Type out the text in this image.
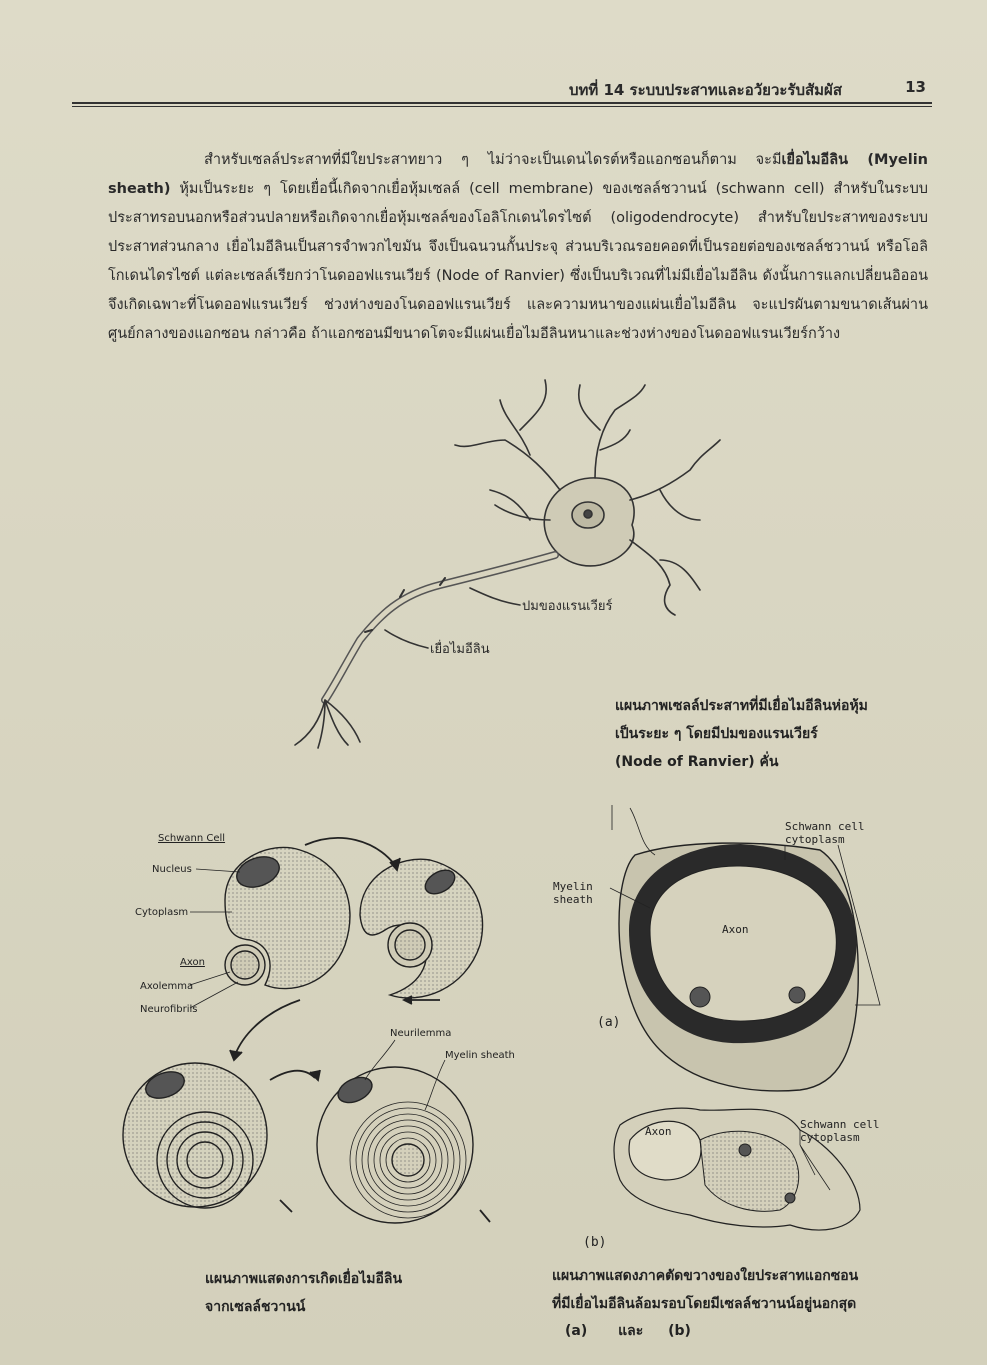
บทที่ 14 ระบบประสาทและอวัยวะรับสัมผัส	13

สำหรับเซลล์ประสาทที่มีใยประสาทยาว ๆ ไม่ว่าจะเป็นเดนไดรต์หรือแอกซอนก็ตาม จะมีเยื่อไมอีลิน (Myelin sheath) หุ้มเป็นระยะ ๆ โดยเยื่อนี้เกิดจากเยื่อหุ้มเซลล์ (cell membrane) ของเซลล์ชวานน์ (schwann cell) สำหรับในระบบประสาทรอบนอกหรือส่วนปลายหรือเกิดจากเยื่อหุ้มเซลล์ของโอลิโกเดนไดรไซต์ (oligodendrocyte) สำหรับใยประสาทของระบบประสาทส่วนกลาง เยื่อไมอีลินเป็นสารจำพวกไขมัน จึงเป็นฉนวนกั้นประจุ ส่วนบริเวณรอยคอดที่เป็นรอยต่อของเซลล์ชวานน์ หรือโอลิโกเดนไดรไซต์ แต่ละเซลล์เรียกว่าโนดออฟแรนเวียร์ (Node of Ranvier) ซึ่งเป็นบริเวณที่ไม่มีเยื่อไมอีลิน ดังนั้นการแลกเปลี่ยนอิออนจึงเกิดเฉพาะที่โนดออฟแรนเวียร์ ช่วงห่างของโนดออฟแรนเวียร์ และความหนาของแผ่นเยื่อไมอีลิน จะแปรผันตามขนาดเส้นผ่านศูนย์กลางของแอกซอน กล่าวคือ ถ้าแอกซอนมีขนาดโตจะมีแผ่นเยื่อไมอีลินหนาและช่วงห่างของโนดออฟแรนเวียร์กว้าง

ปมของแรนเวียร์
เยื่อไมอีลิน
แผนภาพเซลล์ประสาทที่มีเยื่อไมอีลินห่อหุ้ม
เป็นระยะ ๆ โดยมีปมของแรนเวียร์
(Node of Ranvier) คั่น
Schwann Cell
Nucleus
Cytoplasm
Axon
Axolemma
Neurofibrils
Neurilemma
Myelin sheath
แผนภาพแสดงการเกิดเยื่อไมอีลิน
จากเซลล์ชวานน์
Schwann cell
cytoplasm
Myelin
sheath
Axon
(a)
Axon
Schwann cell
cytoplasm
(b)
แผนภาพแสดงภาคตัดขวางของใยประสาทแอกซอน
ที่มีเยื่อไมอีลินล้อมรอบโดยมีเซลล์ชวานน์อยู่นอกสุด
(a) และ (b)
